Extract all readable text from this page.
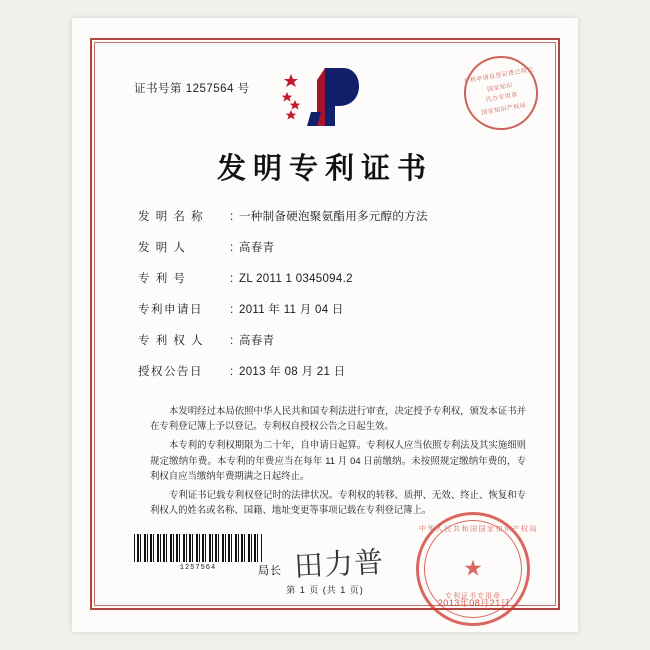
证书号第 1257564 号
专利申请及登记费已收讫
国家知识
代办专用章
国家知识产权局
发明专利证书
发 明 名 称	: 一种制备硬泡聚氨酯用多元醇的方法
发 明 人	: 高春青
专 利 号	: ZL 2011 1 0345094.2
专利申请日	: 2011 年 11 月 04 日
专 利 权 人	: 高春青
授权公告日	: 2013 年 08 月 21 日

本发明经过本局依照中华人民共和国专利法进行审查，决定授予专利权，颁发本证书并在专利登记簿上予以登记。专利权自授权公告之日起生效。

本专利的专利权期限为二十年，自申请日起算。专利权人应当依照专利法及其实施细则规定缴纳年费。本专利的年费应当在每年 11 月 04 日前缴纳。未按照规定缴纳年费的，专利权自应当缴纳年费期满之日起终止。

专利证书记载专利权登记时的法律状况。专利权的转移、质押、无效、终止、恢复和专利权人的姓名或名称、国籍、地址变更等事项记载在专利登记簿上。

1257564	局长 田力普
中华人民共和国国家知识产权局
★
专利证书专用章
2013年08月21日
第 1 页 (共 1 页)
